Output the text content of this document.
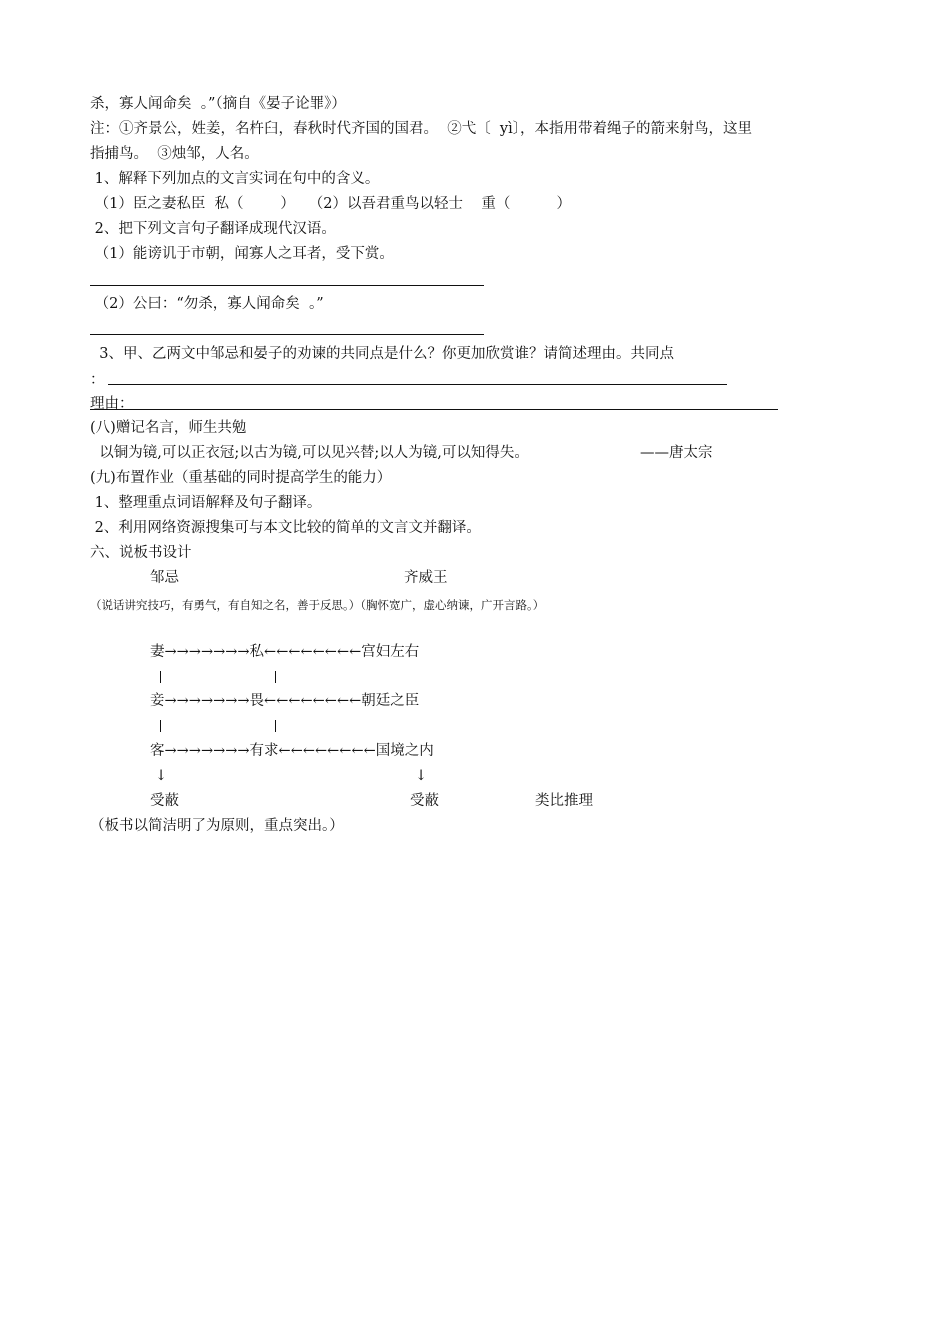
杀，寡人闻命矣  。”（摘自《晏子论罪》）
注：①齐景公，姓姜，名杵臼，春秋时代齐国的国君。  ②弋〔  yì〕，本指用带着绳子的箭来射鸟，这里
指捕鸟。  ③烛邹，人名。
1、解释下列加点的文言实词在句中的含义。
（1）臣之妻私臣  私（        ）   （2）以吾君重鸟以轻士    重（          ）
2、把下列文言句子翻译成现代汉语。
（1）能谤讥于市朝，闻寡人之耳者，受下赏。
（2）公曰：“勿杀，寡人闻命矣  。”
3、甲、乙两文中邹忌和晏子的劝谏的共同点是什么？你更加欣赏谁？请简述理由。共同点
：
理由：
(八)赠记名言，师生共勉
以铜为镜,可以正衣冠;以古为镜,可以见兴替;以人为镜,可以知得失。	——唐太宗
(九)布置作业（重基础的同时提高学生的能力）
1、整理重点词语解释及句子翻译。
2、利用网络资源搜集可与本文比较的简单的文言文并翻译。
六、说板书设计
邹忌	齐威王
（说话讲究技巧，有勇气，有自知之名，善于反思。）（胸怀宽广，虚心纳谏，广开言路。）
妻→→→→→→→私←←←←←←←←宫妇左右
妾→→→→→→→畏←←←←←←←←朝廷之臣
客→→→→→→→有求←←←←←←←←国境之内
↓	↓
受蔽	受蔽	类比推理
（板书以简洁明了为原则，重点突出。）
